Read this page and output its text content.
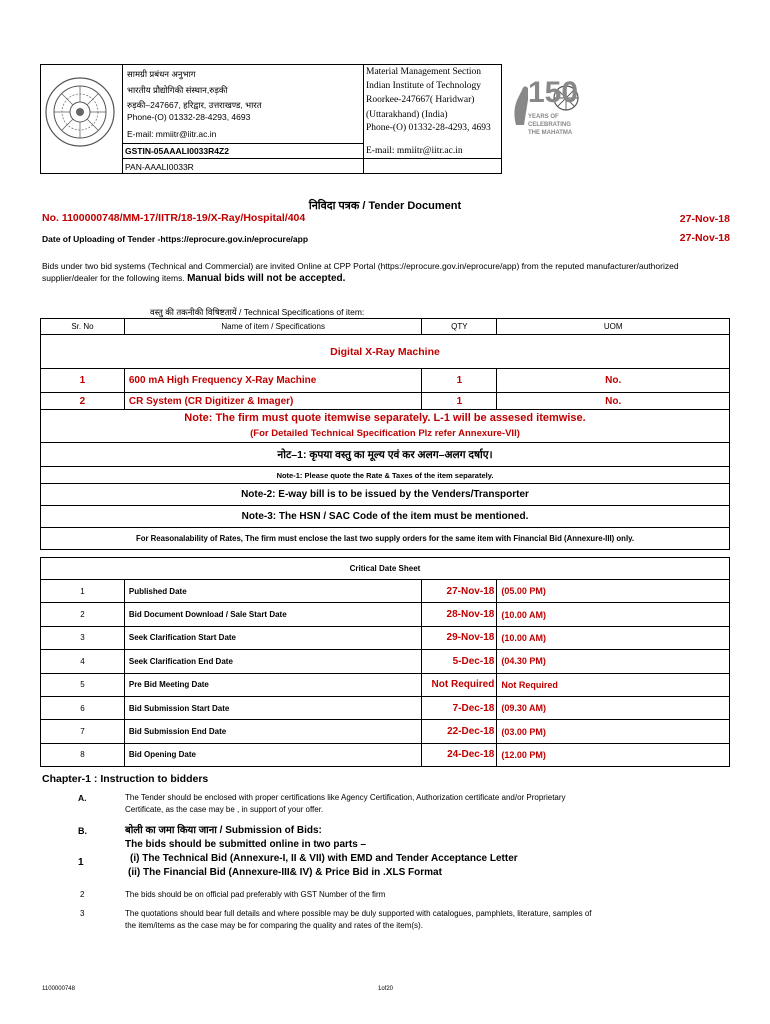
सामग्री प्रबंधन अनुभाग
भारतीय प्रौद्योगिकी संस्थान,रुड़की
रुड़की–247667, हरिद्वार, उत्तराखण्ड, भारत
Phone-(O) 01332-28-4293, 4693
E-mail: mmiitr@iitr.ac.in
GSTIN-05AAALI0033R4Z2
PAN-AAALI0033R
Material Management Section
Indian Institute of Technology
Roorkee-247667( Haridwar)
(Uttarakhand) (India)
Phone-(O) 01332-28-4293, 4693
E-mail: mmiitr@iitr.ac.in
150
YEARS OF
CELEBRATING
THE MAHATMA
निविदा पत्रक / Tender Document
No. 1100000748/MM-17/IITR/18-19/X-Ray/Hospital/404	27-Nov-18
Date of Uploading of Tender -https://eprocure.gov.in/eprocure/app	27-Nov-18
Bids under two bid systems (Technical and Commercial) are invited Online at CPP Portal (https://eprocure.gov.in/eprocure/app) from the reputed manufacturer/authorized supplier/dealer for the following items. Manual bids will not be accepted.
वस्तु की तकनीकी विषिष्टतायें / Technical Specifications of item:
Sr. No	Name of item / Specifications	QTY	UOM
Digital X-Ray Machine			
1	600 mA High Frequency X-Ray Machine	1	No.
2	CR System (CR Digitizer & Imager)	1	No.
Note: The firm must quote itemwise separately. L-1 will be assesed itemwise.			
(For Detailed Technical Specification Plz refer Annexure-VII)			
नोट–1: कृपया वस्तु का मूल्य एवं कर अलग–अलग दर्षाए।			
Note-1: Please quote the Rate & Taxes of the item separately.			
Note-2: E-way bill is to be issued by the Venders/Transporter			
Note-3: The HSN / SAC Code of the item must be mentioned.			
For Reasonalability of Rates, The firm must enclose the last two supply orders for the same item with Financial Bid (Annexure-III) only.			
Critical Date Sheet			
1	Published Date	27-Nov-18	(05.00 PM)
2	Bid Document Download / Sale Start Date	28-Nov-18	(10.00 AM)
3	Seek Clarification Start Date	29-Nov-18	(10.00 AM)
4	Seek Clarification End Date	5-Dec-18	(04.30 PM)
5	Pre Bid Meeting Date	Not Required	Not Required
6	Bid Submission Start Date	7-Dec-18	(09.30 AM)
7	Bid Submission End Date	22-Dec-18	(03.00 PM)
8	Bid Opening Date	24-Dec-18	(12.00 PM)
Chapter-1 : Instruction to bidders
A.	The Tender should be enclosed with proper certifications like Agency Certification, Authorization certificate and/or Proprietary Certificate, as the case may be , in support of your offer.
B.	बोली का जमा किया जाना / Submission of Bids:
1
The bids should be submitted online in two parts –
(i) The Technical Bid (Annexure-I, II & VII) with EMD and Tender Acceptance Letter
(ii) The Financial Bid (Annexure-III& IV) & Price Bid in .XLS Format
2	The bids should be on official pad preferably with GST Number of the firm
3	The quotations should bear full details and where possible may be duly supported with catalogues, pamphlets, literature, samples of the item/items as the case may be for comparing the quality and rates of the item(s).
1100000748	1of20
